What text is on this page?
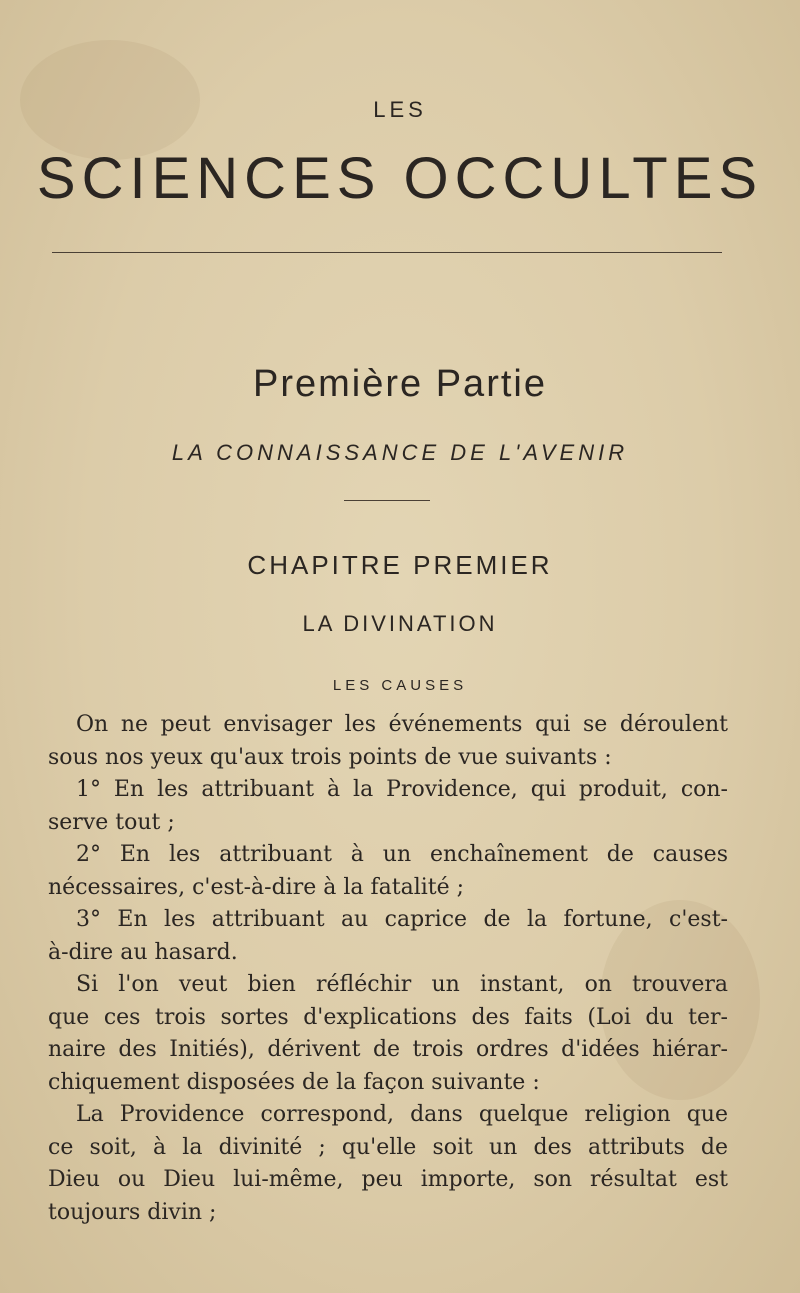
LES
SCIENCES OCCULTES
Première Partie
LA CONNAISSANCE DE L'AVENIR
CHAPITRE PREMIER
LA DIVINATION
LES CAUSES
On ne peut envisager les événements qui se déroulent
sous nos yeux qu'aux trois points de vue suivants :
1° En les attribuant à la Providence, qui produit, con-
serve tout ;
2° En les attribuant à un enchaînement de causes
nécessaires, c'est-à-dire à la fatalité ;
3° En les attribuant au caprice de la fortune, c'est-
à-dire au hasard.
Si l'on veut bien réfléchir un instant, on trouvera
que ces trois sortes d'explications des faits (Loi du ter-
naire des Initiés), dérivent de trois ordres d'idées hiérar-
chiquement disposées de la façon suivante :
La Providence correspond, dans quelque religion que
ce soit, à la divinité ; qu'elle soit un des attributs de
Dieu ou Dieu lui-même, peu importe, son résultat est
toujours divin ;
